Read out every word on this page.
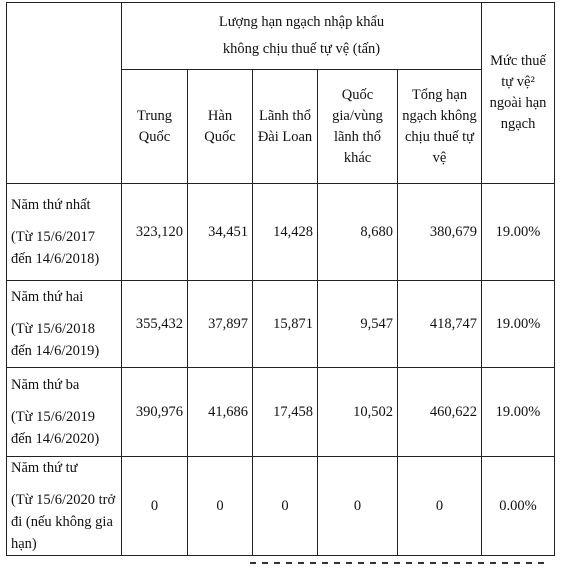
	Lượng hạn ngạch nhập khẩu
không chịu thuế tự vệ (tấn)					Mức thuế tự vệ² ngoài hạn ngạch
	Trung Quốc	Hàn Quốc	Lãnh thổ Đài Loan	Quốc gia/vùng lãnh thổ khác	Tổng hạn ngạch không chịu thuế tự vệ	

Năm thứ nhất
(Từ 15/6/2017 đến 14/6/2018)	323,120	34,451	14,428	8,680	380,679	19.00%

Năm thứ hai
(Từ 15/6/2018 đến 14/6/2019)	355,432	37,897	15,871	9,547	418,747	19.00%

Năm thứ ba
(Từ 15/6/2019 đến 14/6/2020)	390,976	41,686	17,458	10,502	460,622	19.00%

Năm thứ tư
(Từ 15/6/2020 trở đi (nếu không gia hạn)	0	0	0	0	0	0.00%
